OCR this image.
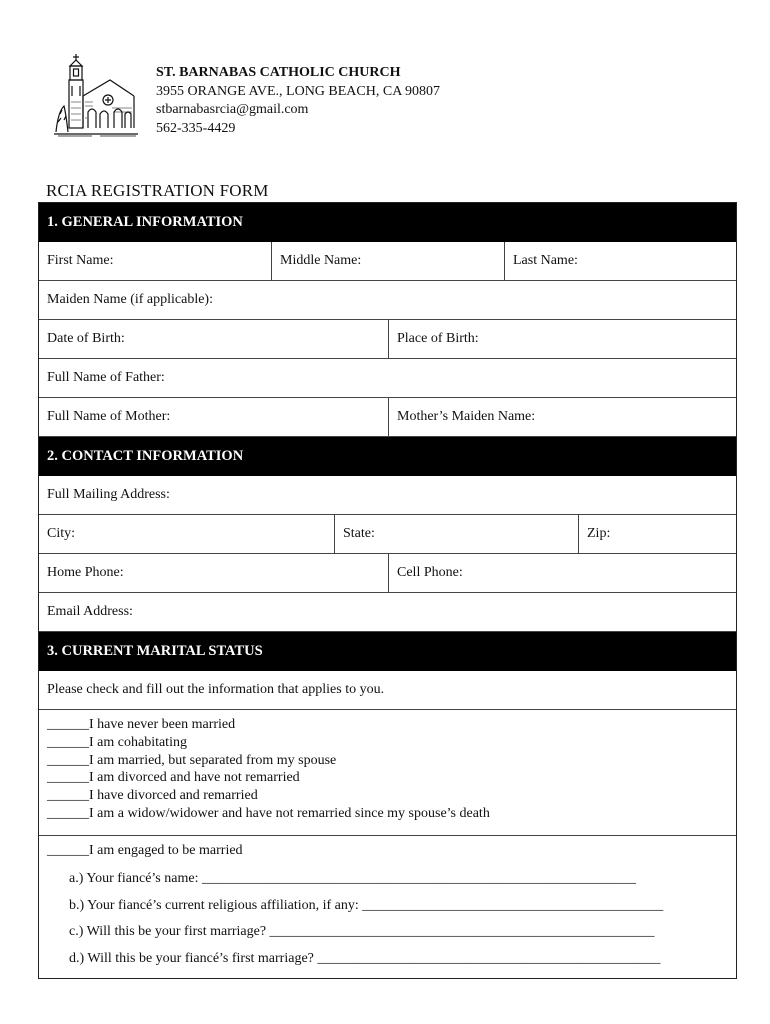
ST. BARNABAS CATHOLIC CHURCH
3955 ORANGE AVE., LONG BEACH, CA 90807
stbarnabasrcia@gmail.com
562-335-4429
RCIA REGISTRATION FORM
1. GENERAL INFORMATION
First Name:	Middle Name:	Last Name:
Maiden Name (if applicable):
Date of Birth:	Place of Birth:
Full Name of Father:
Full Name of Mother:	Mother’s Maiden Name:
2. CONTACT INFORMATION
Full Mailing Address:
City:	State:	Zip:
Home Phone:	Cell Phone:
Email Address:
3. CURRENT MARITAL STATUS
Please check and fill out the information that applies to you.
______I have never been married
______I am cohabitating
______I am married, but separated from my spouse
______I am divorced and have not remarried
______I have divorced and remarried
______I am a widow/widower and have not remarried since my spouse’s death
______I am engaged to be married
a.) Your fiancé’s name: ______________________________________________________________
b.) Your fiancé’s current religious affiliation, if any: ___________________________________________
c.) Will this be your first marriage? _______________________________________________________
d.) Will this be your fiancé’s first marriage? _________________________________________________
